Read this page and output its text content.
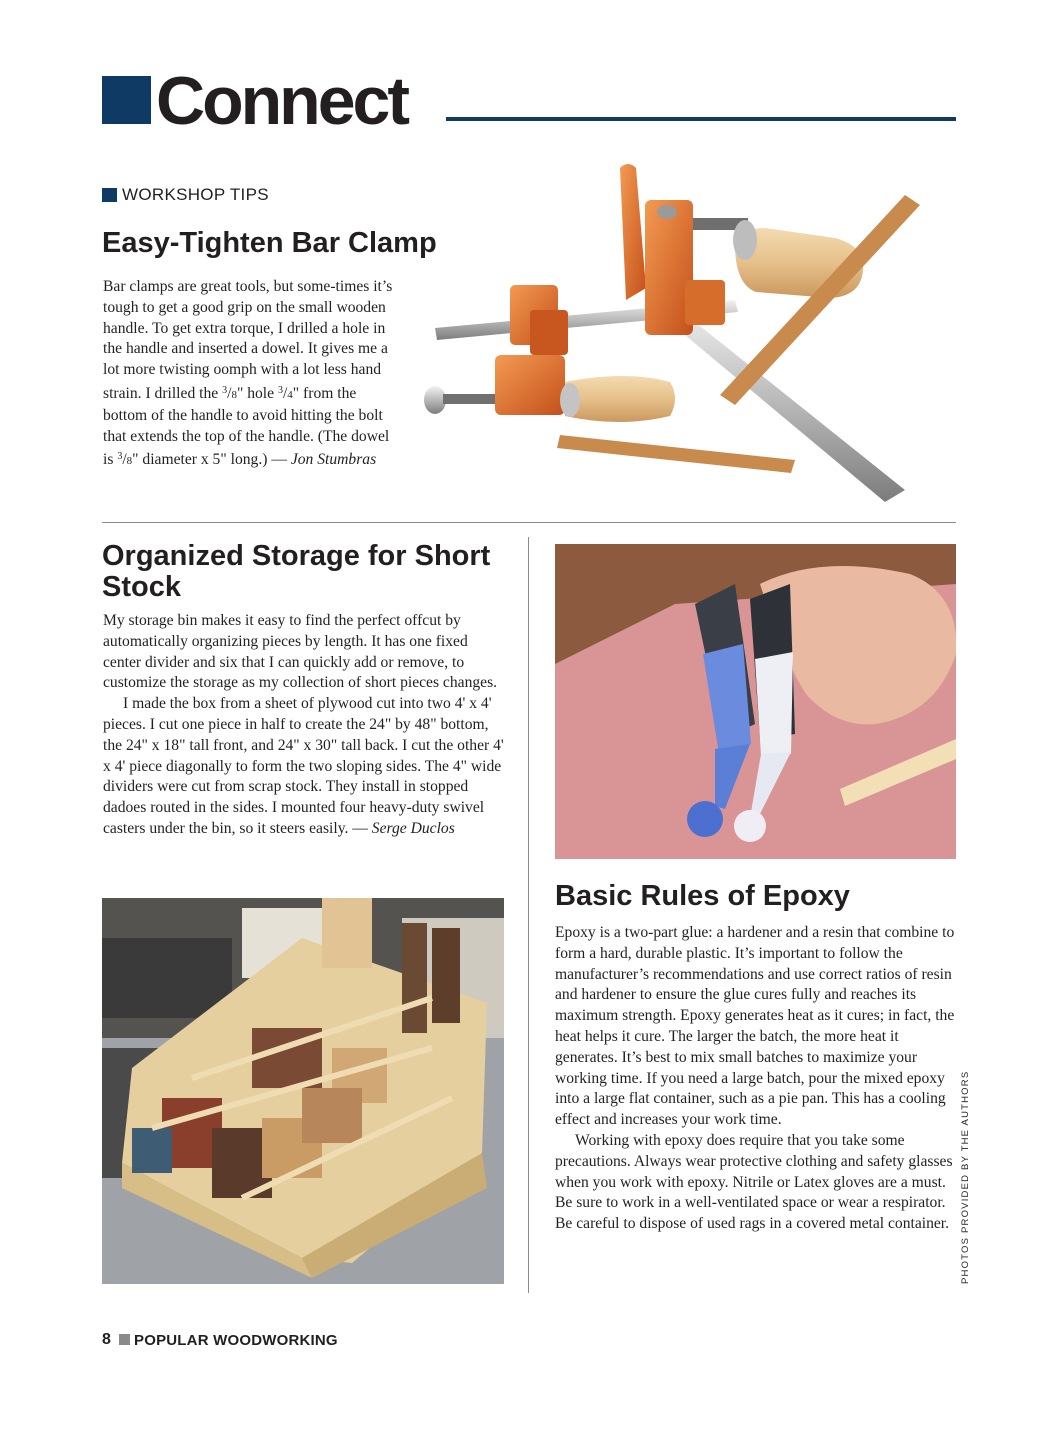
Connect
WORKSHOP TIPS
Easy-Tighten Bar Clamp

Bar clamps are great tools, but some-times it’s tough to get a good grip on the small wooden handle. To get extra torque, I drilled a hole in the handle and inserted a dowel. It gives me a lot more twisting oomph with a lot less hand strain. I drilled the $^3$/8" hole $^3$/4" from the bottom of the handle to avoid hitting the bolt that extends the top of the handle. (The dowel is $^3$/8" diameter x 5" long.) — Jon Stumbras

Organized Storage for Short Stock

My storage bin makes it easy to find the perfect offcut by automatically organizing pieces by length. It has one fixed center divider and six that I can quickly add or remove, to customize the storage as my collection of short pieces changes.

I made the box from a sheet of plywood cut into two 4' x 4' pieces. I cut one piece in half to create the 24" by 48" bottom, the 24" x 18" tall front, and 24" x 30" tall back. I cut the other 4' x 4' piece diagonally to form the two sloping sides. The 4" wide dividers were cut from scrap stock. They install in stopped dadoes routed in the sides. I mounted four heavy-duty swivel casters under the bin, so it steers easily. — Serge Duclos

Basic Rules of Epoxy

Epoxy is a two-part glue: a hardener and a resin that combine to form a hard, durable plastic. It’s important to follow the manufacturer’s recommendations and use correct ratios of resin and hardener to ensure the glue cures fully and reaches its maximum strength. Epoxy generates heat as it cures; in fact, the heat helps it cure. The larger the batch, the more heat it generates. It’s best to mix small batches to maximize your working time. If you need a large batch, pour the mixed epoxy into a large flat container, such as a pie pan. This has a cooling effect and increases your work time.

Working with epoxy does require that you take some precautions. Always wear protective clothing and safety glasses when you work with epoxy. Nitrile or Latex gloves are a must. Be sure to work in a well-ventilated space or wear a respirator. Be careful to dispose of used rags in a covered metal container.	PHOTOS PROVIDED BY THE AUTHORS
8 POPULAR WOODWORKING
